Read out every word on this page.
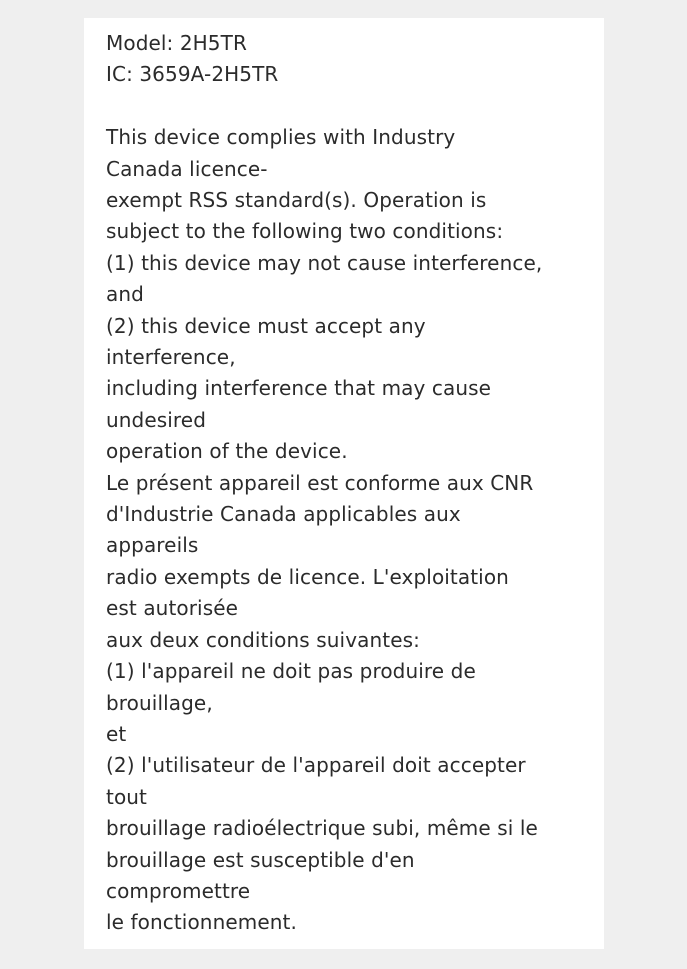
Model: 2H5TR
IC: 3659A-2H5TR
This device complies with Industry
Canada licence-
exempt RSS standard(s). Operation is
subject to the following two conditions:
(1) this device may not cause interference,
and
(2) this device must accept any
interference,
including interference that may cause
undesired
operation of the device.
Le présent appareil est conforme aux CNR
d'Industrie Canada applicables aux
appareils
radio exempts de licence. L'exploitation
est autorisée
aux deux conditions suivantes:
(1) l'appareil ne doit pas produire de
brouillage,
et
(2) l'utilisateur de l'appareil doit accepter
tout
brouillage radioélectrique subi, même si le
brouillage est susceptible d'en
compromettre
le fonctionnement.
